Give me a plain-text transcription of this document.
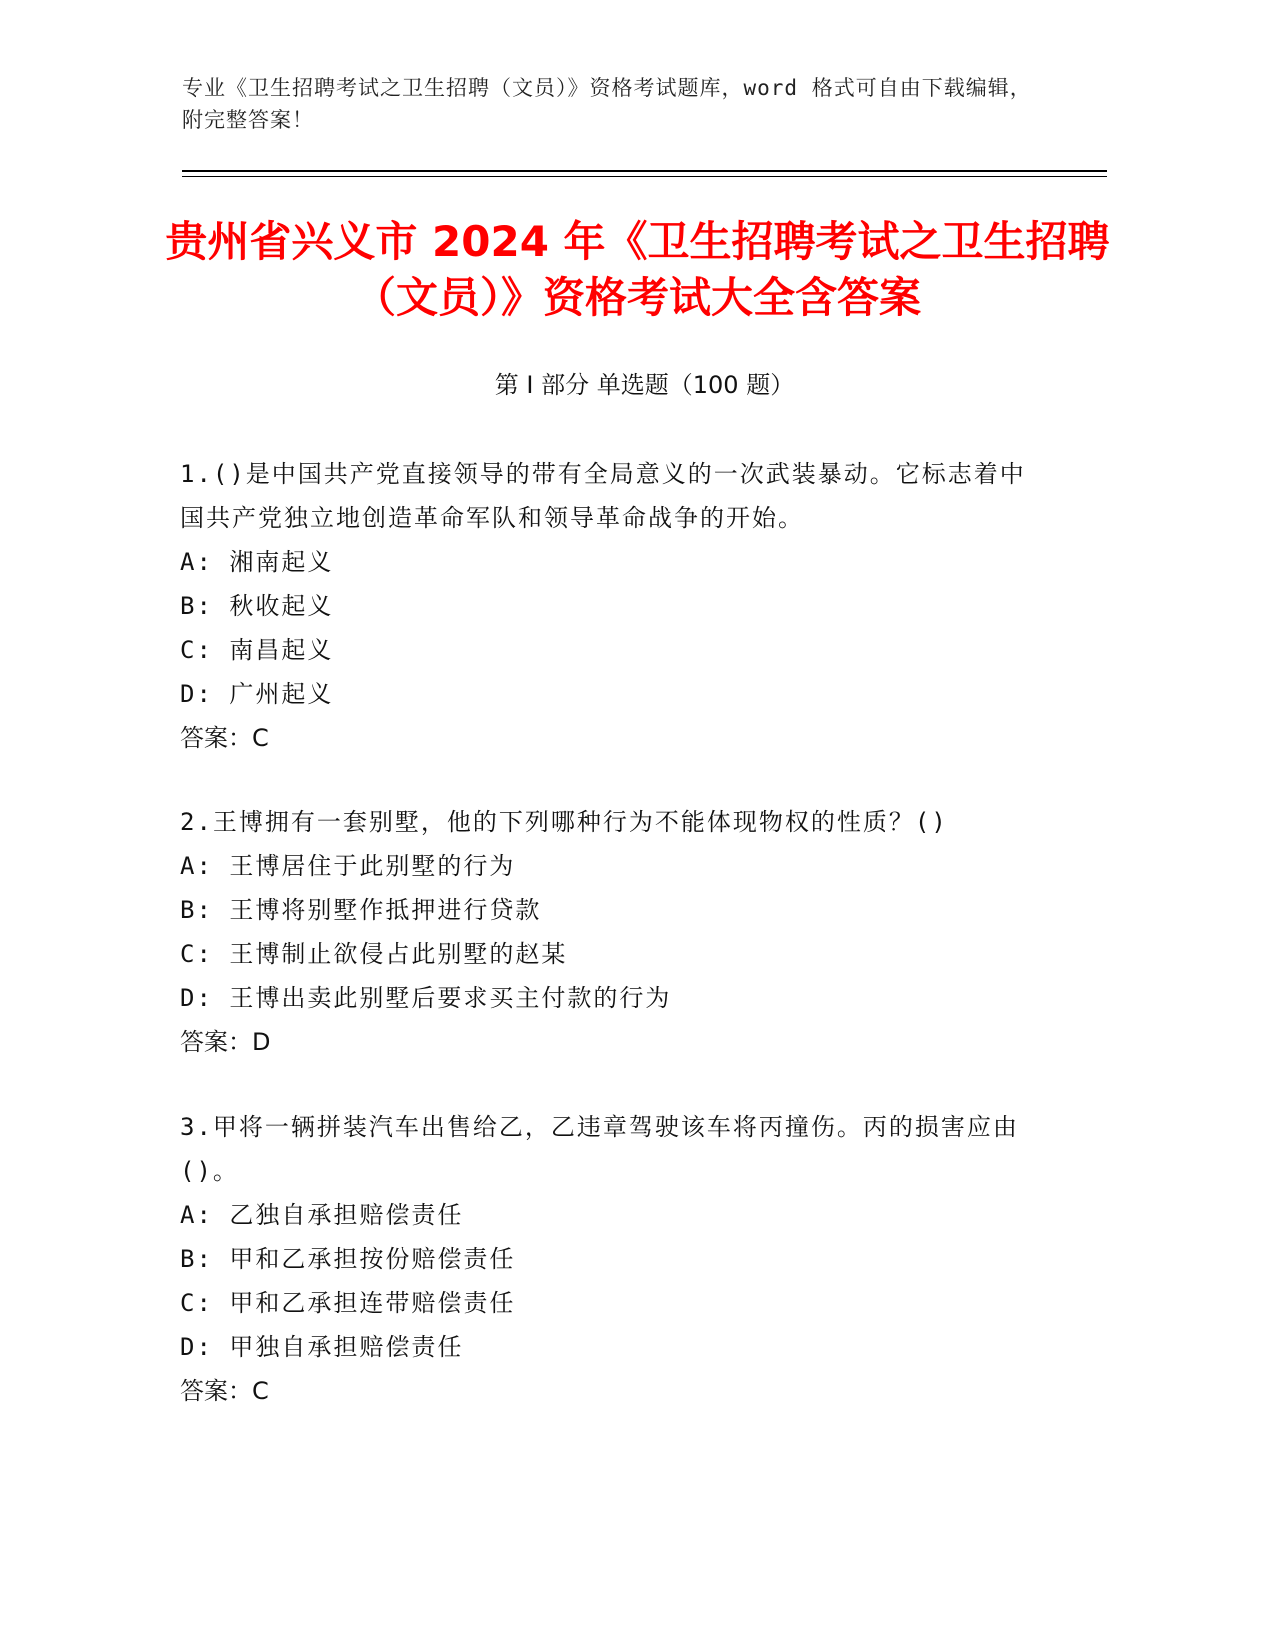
专业《卫生招聘考试之卫生招聘（文员）》资格考试题库，word 格式可自由下载编辑，附完整答案！
贵州省兴义市 2024 年《卫生招聘考试之卫生招聘（文员）》资格考试大全含答案
第 I 部分 单选题（100 题）

1.()是中国共产党直接领导的带有全局意义的一次武装暴动。它标志着中国共产党独立地创造革命军队和领导革命战争的开始。

A: 湘南起义

B: 秋收起义

C: 南昌起义

D: 广州起义

答案：C

2.王博拥有一套别墅，他的下列哪种行为不能体现物权的性质？()

A: 王博居住于此别墅的行为

B: 王博将别墅作抵押进行贷款

C: 王博制止欲侵占此别墅的赵某

D: 王博出卖此别墅后要求买主付款的行为

答案：D

3.甲将一辆拼装汽车出售给乙，乙违章驾驶该车将丙撞伤。丙的损害应由()。

A: 乙独自承担赔偿责任

B: 甲和乙承担按份赔偿责任

C: 甲和乙承担连带赔偿责任

D: 甲独自承担赔偿责任

答案：C
